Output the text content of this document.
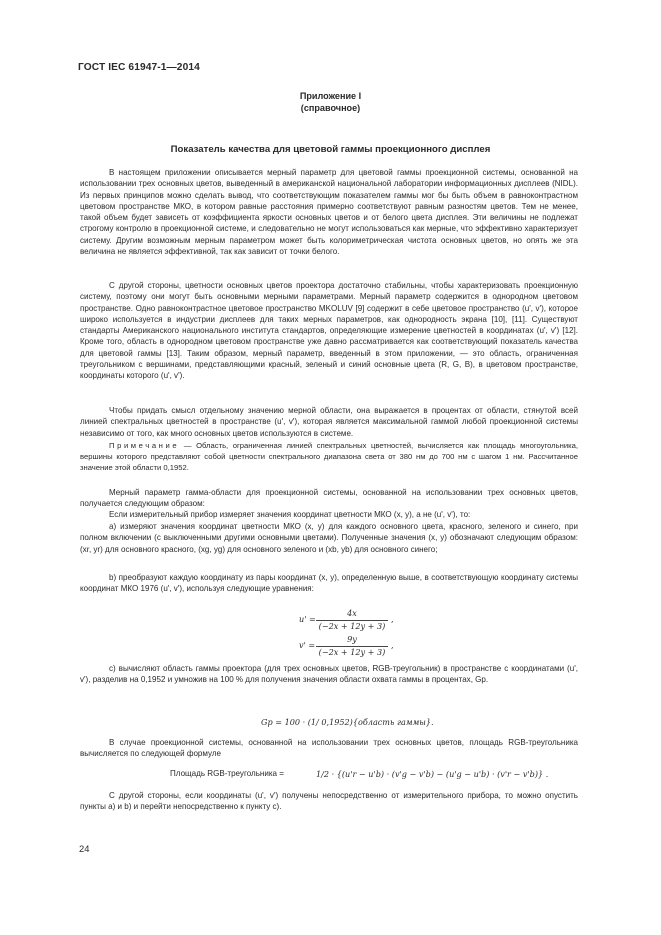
ГОСТ IEC 61947-1—2014
Приложение I
(справочное)
Показатель качества для цветовой гаммы проекционного дисплея

В настоящем приложении описывается мерный параметр для цветовой гаммы проекционной системы, основанной на использовании трех основных цветов, выведенный в американской национальной лаборатории информационных дисплеев (NIDL). Из первых принципов можно сделать вывод, что соответствующим показателем гаммы мог бы быть объем в равноконтрастном цветовом пространстве МКО, в котором равные расстояния примерно соответствуют равным разностям цветов. Тем не менее, такой объем будет зависеть от коэффициента яркости основных цветов и от белого цвета дисплея. Эти величины не подлежат строгому контролю в проекционной системе, и следовательно не могут использоваться как мерные, что эффективно характеризует систему. Другим возможным мерным параметром может быть колориметрическая чистота основных цветов, но опять же эта величина не является эффективной, так как зависит от точки белого.

С другой стороны, цветности основных цветов проектора достаточно стабильны, чтобы характеризовать проекционную систему, поэтому они могут быть основными мерными параметрами. Мерный параметр содержится в однородном цветовом пространстве. Одно равноконтрастное цветовое пространство MKOLUV [9] содержит в себе цветовое пространство (u', v'), которое широко используется в индустрии дисплеев для таких мерных параметров, как однородность экрана [10], [11]. Существуют стандарты Американского национального института стандартов, определяющие измерение цветностей в координатах (u', v') [12]. Кроме того, область в однородном цветовом пространстве уже давно рассматривается как соответствующий показатель качества для цветовой гаммы [13]. Таким образом, мерный параметр, введенный в этом приложении, — это область, ограниченная треугольником с вершинами, представляющими красный, зеленый и синий основные цвета (R, G, B), в цветовом пространстве, координаты которого (u', v').

Чтобы придать смысл отдельному значению мерной области, она выражается в процентах от области, стянутой всей линией спектральных цветностей в пространстве (u', v'), которая является максимальной гаммой любой проекционной системы независимо от того, как много основных цветов используются в системе.

Примечание — Область, ограниченная линией спектральных цветностей, вычисляется как площадь многоугольника, вершины которого представляют собой цветности спектрального диапазона света от 380 нм до 700 нм с шагом 1 нм. Рассчитанное значение этой области 0,1952.

Мерный параметр гамма-области для проекционной системы, основанной на использовании трех основных цветов, получается следующим образом:

Если измерительный прибор измеряет значения координат цветности МКО (x, y), а не (u', v'), то:

а) измеряют значения координат цветности МКО (x, y) для каждого основного цвета, красного, зеленого и синего, при полном включении (с выключенными другими основными цветами). Полученные значения (x, y) обозначают следующим образом: (xr, yr) для основного красного, (xg, yg) для основного зеленого и (xb, yb) для основного синего;

b) преобразуют каждую координату из пары координат (x, y), определенную выше, в соответствующую координату системы координат МКО 1976 (u', v'), используя следующие уравнения:

u' =
4x
(−2x + 12y + 3)
,
v' =
9y
(−2x + 12y + 3)
,

с) вычисляют область гаммы проектора (для трех основных цветов, RGB-треугольник) в пространстве с координатами (u', v'), разделив на 0,1952 и умножив на 100 % для получения значения области охвата гаммы в процентах, Gp.

Gp = 100 · (1/ 0,1952){область гаммы}.

В случае проекционной системы, основанной на использовании трех основных цветов, площадь RGB-треугольника вычисляется по следующей формуле

Площадь RGB-треугольника =	1/2 · {(u'r − u'b) · (v'g − v'b) − (u'g − u'b) · (v'r − v'b)} .

С другой стороны, если координаты (u', v') получены непосредственно от измерительного прибора, то можно опустить пункты а) и b) и перейти непосредственно к пункту с).

24
